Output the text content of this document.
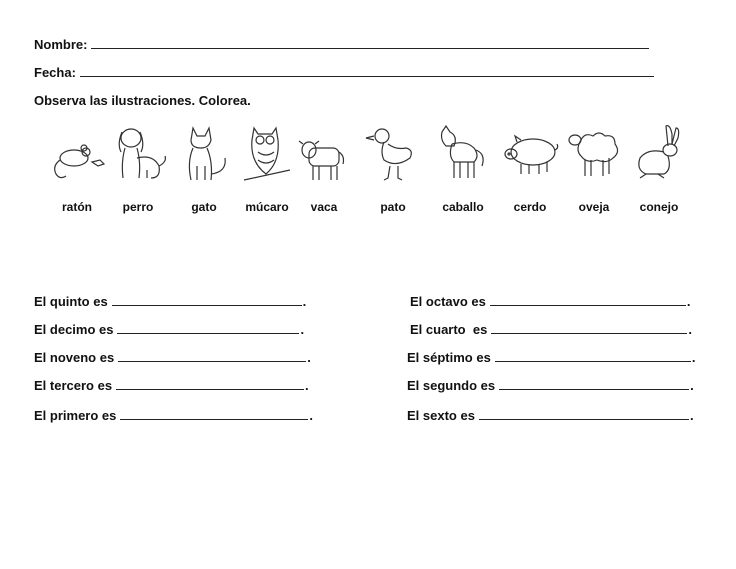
Nombre:
Fecha:
Observa las ilustraciones. Colorea.
ratón	perro	gato	múcaro	vaca	pato	caballo	cerdo	oveja	conejo
El quinto es	.
El decimo es	.
El noveno es	.
El tercero es	.
El primero es	.
El octavo es	.
El cuarto  es	.
El séptimo es	.
El segundo es	.
El sexto es	.
